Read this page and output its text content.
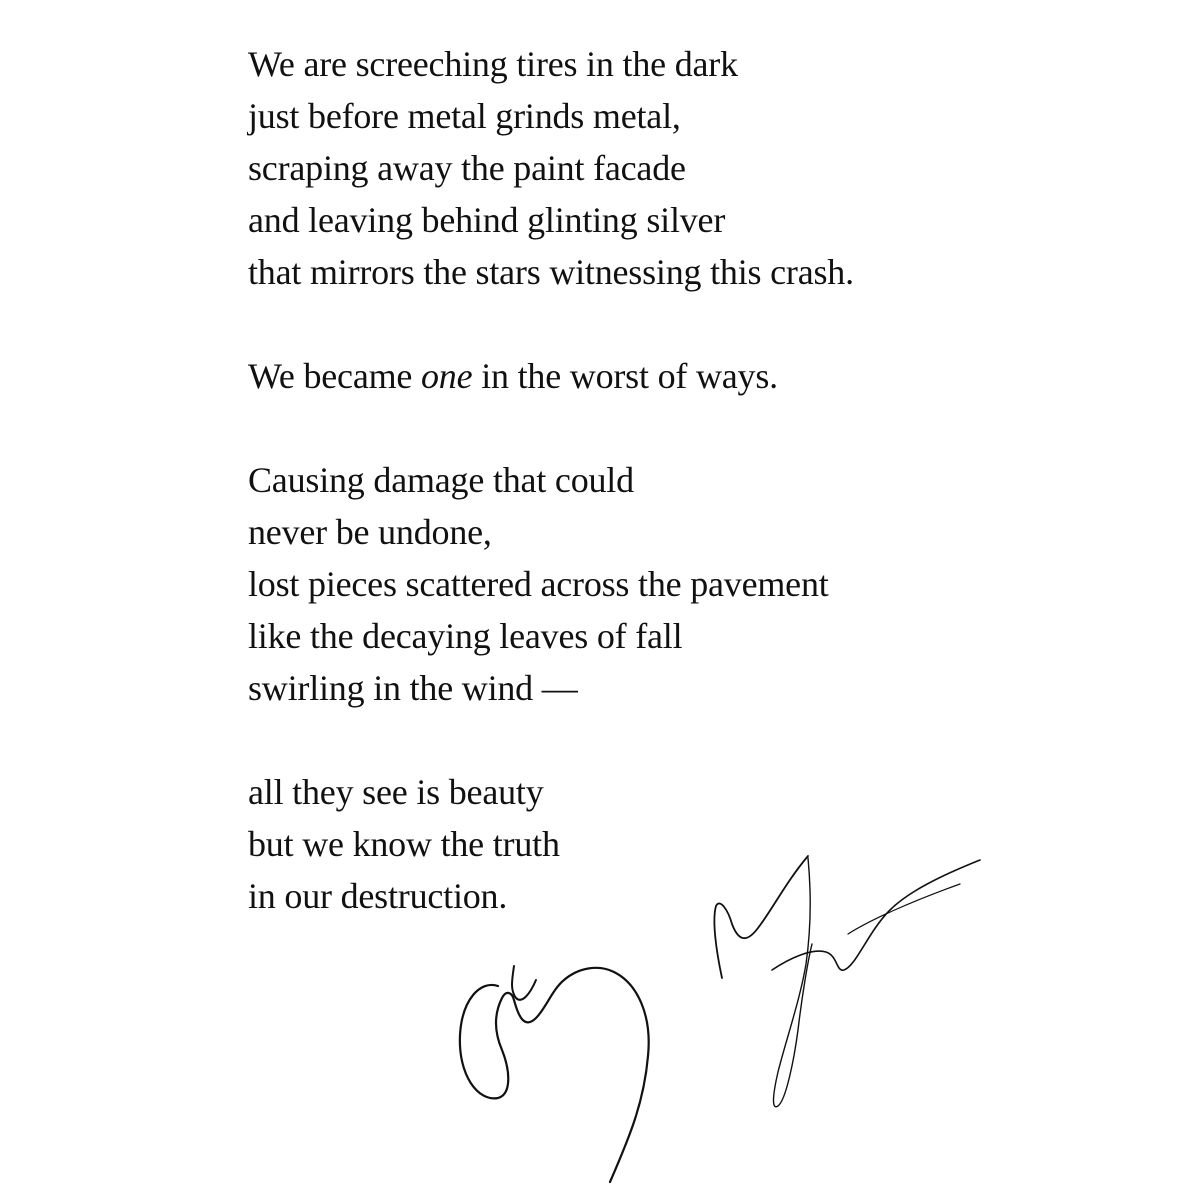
We are screeching tires in the dark
just before metal grinds metal,
scraping away the paint facade
and leaving behind glinting silver
that mirrors the stars witnessing this crash.
We became one in the worst of ways.
Causing damage that could
never be undone,
lost pieces scattered across the pavement
like the decaying leaves of fall
swirling in the wind —
all they see is beauty
but we know the truth
in our destruction.
